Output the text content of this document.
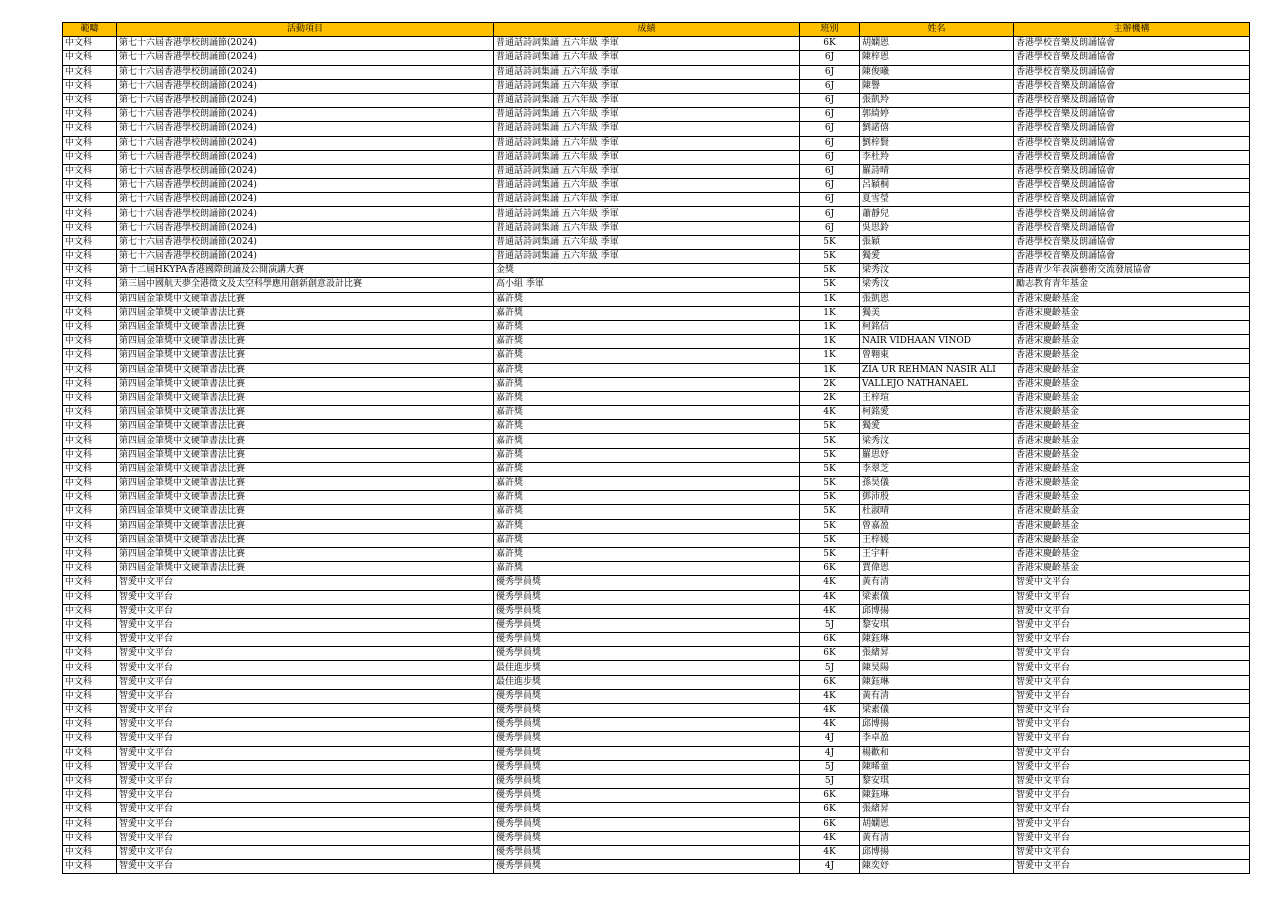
範疇	活動項目	成績	班別	姓名	主辦機構
中文科	第七十六屆香港學校朗誦節(2024)	普通話詩詞集誦 五六年級 季軍	6K	胡嫻恩	香港學校音樂及朗誦協會
中文科	第七十六屆香港學校朗誦節(2024)	普通話詩詞集誦 五六年級 季軍	6J	陳梓恩	香港學校音樂及朗誦協會
中文科	第七十六屆香港學校朗誦節(2024)	普通話詩詞集誦 五六年級 季軍	6J	陳俊曦	香港學校音樂及朗誦協會
中文科	第七十六屆香港學校朗誦節(2024)	普通話詩詞集誦 五六年級 季軍	6J	陳譽	香港學校音樂及朗誦協會
中文科	第七十六屆香港學校朗誦節(2024)	普通話詩詞集誦 五六年級 季軍	6J	張凱羚	香港學校音樂及朗誦協會
中文科	第七十六屆香港學校朗誦節(2024)	普通話詩詞集誦 五六年級 季軍	6J	郭綺婷	香港學校音樂及朗誦協會
中文科	第七十六屆香港學校朗誦節(2024)	普通話詩詞集誦 五六年級 季軍	6J	劉諾僖	香港學校音樂及朗誦協會
中文科	第七十六屆香港學校朗誦節(2024)	普通話詩詞集誦 五六年級 季軍	6J	劉梓賢	香港學校音樂及朗誦協會
中文科	第七十六屆香港學校朗誦節(2024)	普通話詩詞集誦 五六年級 季軍	6J	李杜羚	香港學校音樂及朗誦協會
中文科	第七十六屆香港學校朗誦節(2024)	普通話詩詞集誦 五六年級 季軍	6J	羅詩晴	香港學校音樂及朗誦協會
中文科	第七十六屆香港學校朗誦節(2024)	普通話詩詞集誦 五六年級 季軍	6J	呂穎桐	香港學校音樂及朗誦協會
中文科	第七十六屆香港學校朗誦節(2024)	普通話詩詞集誦 五六年級 季軍	6J	夏雪瑩	香港學校音樂及朗誦協會
中文科	第七十六屆香港學校朗誦節(2024)	普通話詩詞集誦 五六年級 季軍	6J	蕭靜兒	香港學校音樂及朗誦協會
中文科	第七十六屆香港學校朗誦節(2024)	普通話詩詞集誦 五六年級 季軍	6J	吳思鈴	香港學校音樂及朗誦協會
中文科	第七十六屆香港學校朗誦節(2024)	普通話詩詞集誦 五六年級 季軍	5K	張穎	香港學校音樂及朗誦協會
中文科	第七十六屆香港學校朗誦節(2024)	普通話詩詞集誦 五六年級 季軍	5K	獨愛	香港學校音樂及朗誦協會
中文科	第十二屆HKYPA香港國際朗誦及公開演講大賽	金獎	5K	梁秀汶	香港青少年表演藝術交流發展協會
中文科	第三屆中國航天夢全港徵文及太空科學應用創新創意設計比賽	高小組 季軍	5K	梁秀汶	勵志教育青年基金
中文科	第四屆金筆獎中文硬筆書法比賽	嘉許獎	1K	張凱恩	香港宋慶齡基金
中文科	第四屆金筆獎中文硬筆書法比賽	嘉許獎	1K	獨美	香港宋慶齡基金
中文科	第四屆金筆獎中文硬筆書法比賽	嘉許獎	1K	柯銘信	香港宋慶齡基金
中文科	第四屆金筆獎中文硬筆書法比賽	嘉許獎	1K	NAIR VIDHAAN VINOD	香港宋慶齡基金
中文科	第四屆金筆獎中文硬筆書法比賽	嘉許獎	1K	曾翱東	香港宋慶齡基金
中文科	第四屆金筆獎中文硬筆書法比賽	嘉許獎	1K	ZIA UR REHMAN NASIR ALI	香港宋慶齡基金
中文科	第四屆金筆獎中文硬筆書法比賽	嘉許獎	2K	VALLEJO NATHANAEL	香港宋慶齡基金
中文科	第四屆金筆獎中文硬筆書法比賽	嘉許獎	2K	王梓瑄	香港宋慶齡基金
中文科	第四屆金筆獎中文硬筆書法比賽	嘉許獎	4K	柯銘愛	香港宋慶齡基金
中文科	第四屆金筆獎中文硬筆書法比賽	嘉許獎	5K	獨愛	香港宋慶齡基金
中文科	第四屆金筆獎中文硬筆書法比賽	嘉許獎	5K	梁秀汶	香港宋慶齡基金
中文科	第四屆金筆獎中文硬筆書法比賽	嘉許獎	5K	羅思妤	香港宋慶齡基金
中文科	第四屆金筆獎中文硬筆書法比賽	嘉許獎	5K	李翠芝	香港宋慶齡基金
中文科	第四屆金筆獎中文硬筆書法比賽	嘉許獎	5K	孫昊儀	香港宋慶齡基金
中文科	第四屆金筆獎中文硬筆書法比賽	嘉許獎	5K	鄧沛殷	香港宋慶齡基金
中文科	第四屆金筆獎中文硬筆書法比賽	嘉許獎	5K	杜淑晴	香港宋慶齡基金
中文科	第四屆金筆獎中文硬筆書法比賽	嘉許獎	5K	曾嘉盈	香港宋慶齡基金
中文科	第四屆金筆獎中文硬筆書法比賽	嘉許獎	5K	王梓媛	香港宋慶齡基金
中文科	第四屆金筆獎中文硬筆書法比賽	嘉許獎	5K	王宇軒	香港宋慶齡基金
中文科	第四屆金筆獎中文硬筆書法比賽	嘉許獎	6K	賈偉恩	香港宋慶齡基金
中文科	智愛中文平台	優秀學員獎	4K	黃有清	智愛中文平台
中文科	智愛中文平台	優秀學員獎	4K	梁素儀	智愛中文平台
中文科	智愛中文平台	優秀學員獎	4K	邱博揚	智愛中文平台
中文科	智愛中文平台	優秀學員獎	5J	黎安琪	智愛中文平台
中文科	智愛中文平台	優秀學員獎	6K	陳鈺琳	智愛中文平台
中文科	智愛中文平台	優秀學員獎	6K	張緒昇	智愛中文平台
中文科	智愛中文平台	最佳進步獎	5J	陳昊陽	智愛中文平台
中文科	智愛中文平台	最佳進步獎	6K	陳鈺琳	智愛中文平台
中文科	智愛中文平台	優秀學員獎	4K	黃有清	智愛中文平台
中文科	智愛中文平台	優秀學員獎	4K	梁素儀	智愛中文平台
中文科	智愛中文平台	優秀學員獎	4K	邱博揚	智愛中文平台
中文科	智愛中文平台	優秀學員獎	4J	李卓盈	智愛中文平台
中文科	智愛中文平台	優秀學員獎	4J	楊歡和	智愛中文平台
中文科	智愛中文平台	優秀學員獎	5J	陳晞童	智愛中文平台
中文科	智愛中文平台	優秀學員獎	5J	黎安琪	智愛中文平台
中文科	智愛中文平台	優秀學員獎	6K	陳鈺琳	智愛中文平台
中文科	智愛中文平台	優秀學員獎	6K	張緒昇	智愛中文平台
中文科	智愛中文平台	優秀學員獎	6K	胡嫻恩	智愛中文平台
中文科	智愛中文平台	優秀學員獎	4K	黃有清	智愛中文平台
中文科	智愛中文平台	優秀學員獎	4K	邱博揚	智愛中文平台
中文科	智愛中文平台	優秀學員獎	4J	陳奕妤	智愛中文平台
